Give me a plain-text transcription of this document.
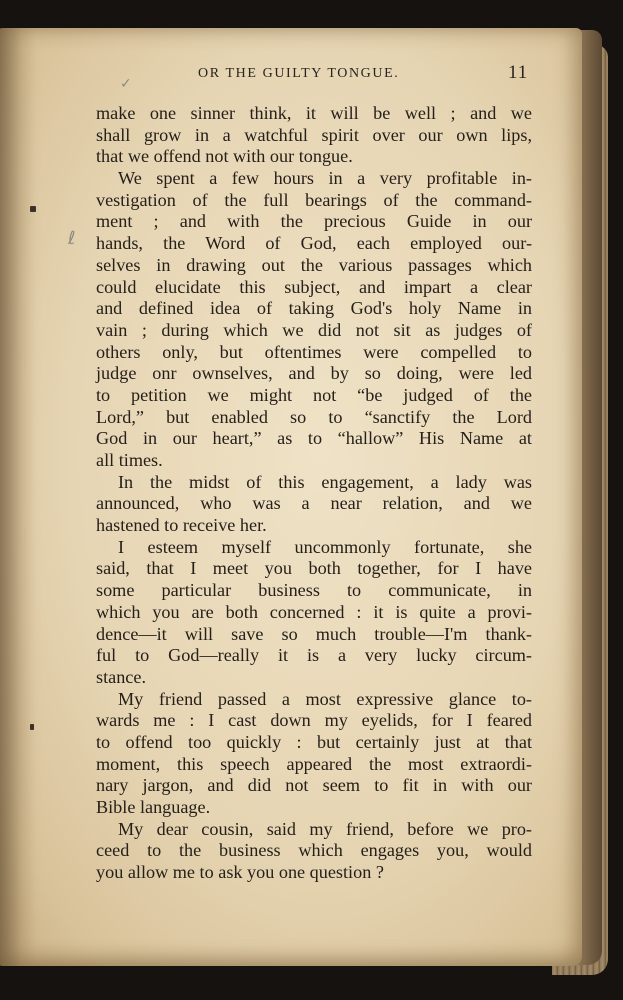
OR THE GUILTY TONGUE.	11
make one sinner think, it will be well ; and we
shall grow in a watchful spirit over our own lips,
that we offend not with our tongue.
We spent a few hours in a very profitable in-
vestigation of the full bearings of the command-
ment ; and with the precious Guide in our
hands, the Word of God, each employed our-
selves in drawing out the various passages which
could elucidate this subject, and impart a clear
and defined idea of taking God's holy Name in
vain ; during which we did not sit as judges of
others only, but oftentimes were compelled to
judge onr ownselves, and by so doing, were led
to petition we might not “be judged of the
Lord,” but enabled so to “sanctify the Lord
God in our heart,” as to “hallow” His Name at
all times.
In the midst of this engagement, a lady was
announced, who was a near relation, and we
hastened to receive her.
I esteem myself uncommonly fortunate, she
said, that I meet you both together, for I have
some particular business to communicate, in
which you are both concerned : it is quite a provi-
dence—it will save so much trouble—I'm thank-
ful to God—really it is a very lucky circum-
stance.
My friend passed a most expressive glance to-
wards me : I cast down my eyelids, for I feared
to offend too quickly : but certainly just at that
moment, this speech appeared the most extraordi-
nary jargon, and did not seem to fit in with our
Bible language.
My dear cousin, said my friend, before we pro-
ceed to the business which engages you, would
you allow me to ask you one question ?
ℓ
✓
